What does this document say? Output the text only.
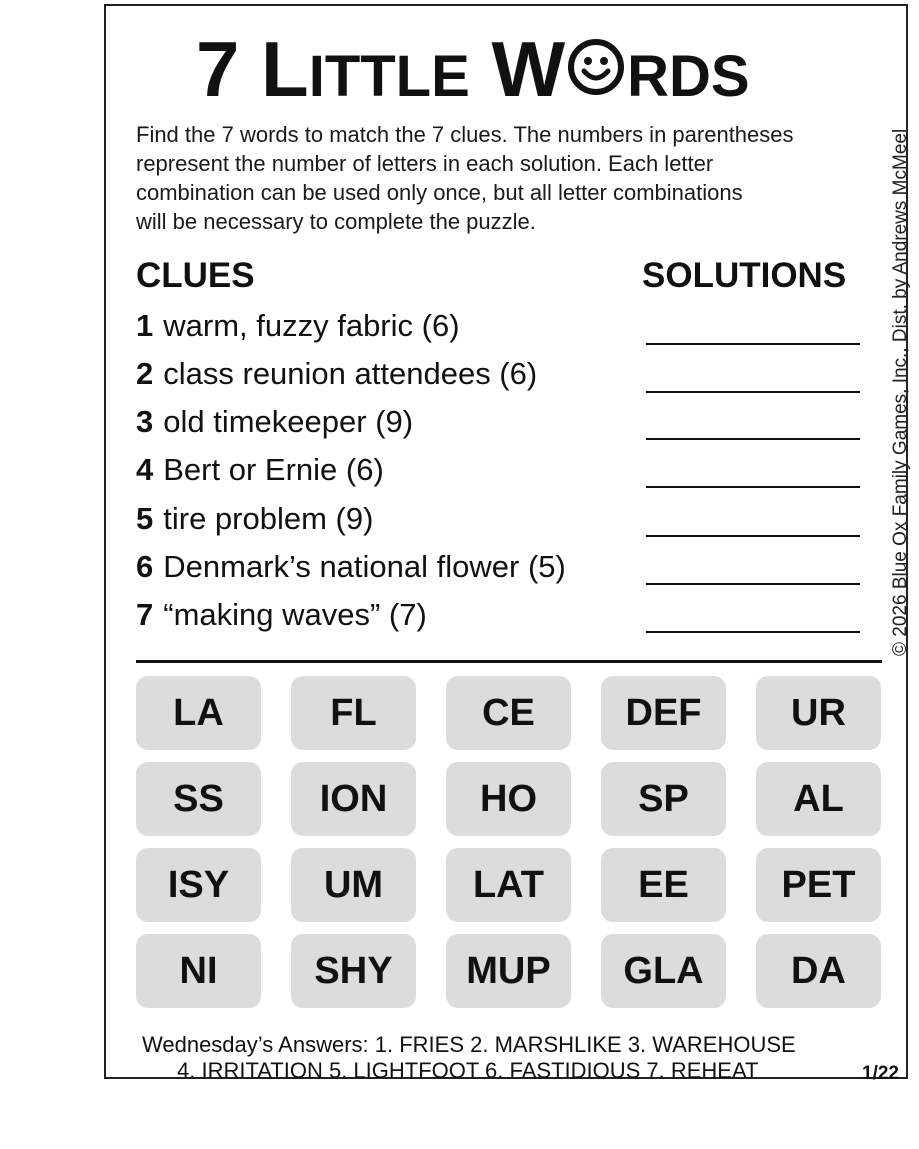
7 LITTLE W RDS
Find the 7 words to match the 7 clues. The numbers in parentheses
represent the number of letters in each solution. Each letter
combination can be used only once, but all letter combinations
will be necessary to complete the puzzle.
CLUES	SOLUTIONS
1 warm, fuzzy fabric (6)
2 class reunion attendees (6)
3 old timekeeper (9)
4 Bert or Ernie (6)
5 tire problem (9)
6 Denmark’s national flower (5)
7 “making waves” (7)
LA	FL	CE	DEF	UR
SS	ION	HO	SP	AL
ISY	UM	LAT	EE	PET
NI	SHY	MUP	GLA	DA
Wednesday’s Answers: 1. FRIES 2. MARSHLIKE 3. WAREHOUSE
4. IRRITATION 5. LIGHTFOOT 6. FASTIDIOUS 7. REHEAT	1/22
© 2026 Blue Ox Family Games, Inc., Dist. by Andrews McMeel
